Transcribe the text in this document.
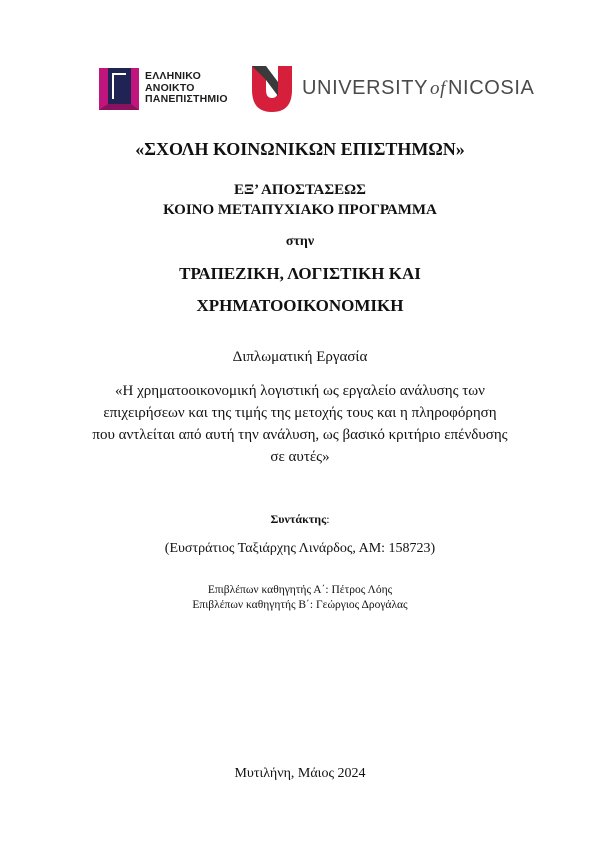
ΕΛΛΗΝΙΚΟ
ΑΝΟΙΚΤΟ
ΠΑΝΕΠΙΣΤΗΜΙΟ	UNIVERSITY of NICOSIA
«ΣΧΟΛΗ ΚΟΙΝΩΝΙΚΩΝ ΕΠΙΣΤΗΜΩΝ»
ΕΞ’ ΑΠΟΣΤΑΣΕΩΣ
ΚΟΙΝΟ ΜΕΤΑΠΥΧΙΑΚΟ ΠΡΟΓΡΑΜΜΑ
στην
ΤΡΑΠΕΖΙΚΗ, ΛΟΓΙΣΤΙΚΗ ΚΑΙ
ΧΡΗΜΑΤΟΟΙΚΟΝΟΜΙΚΗ
Διπλωματική Εργασία
«Η χρηματοοικονομική λογιστική ως εργαλείο ανάλυσης των
επιχειρήσεων και της τιμής της μετοχής τους και η πληροφόρηση
που αντλείται από αυτή την ανάλυση, ως βασικό κριτήριο επένδυσης
σε αυτές»
Συντάκτης:
(Ευστράτιος Ταξιάρχης Λινάρδος, ΑΜ: 158723)
Επιβλέπων καθηγητής Α΄: Πέτρος Λόης
Επιβλέπων καθηγητής Β΄: Γεώργιος Δρογάλας
Μυτιλήνη, Μάιος 2024
